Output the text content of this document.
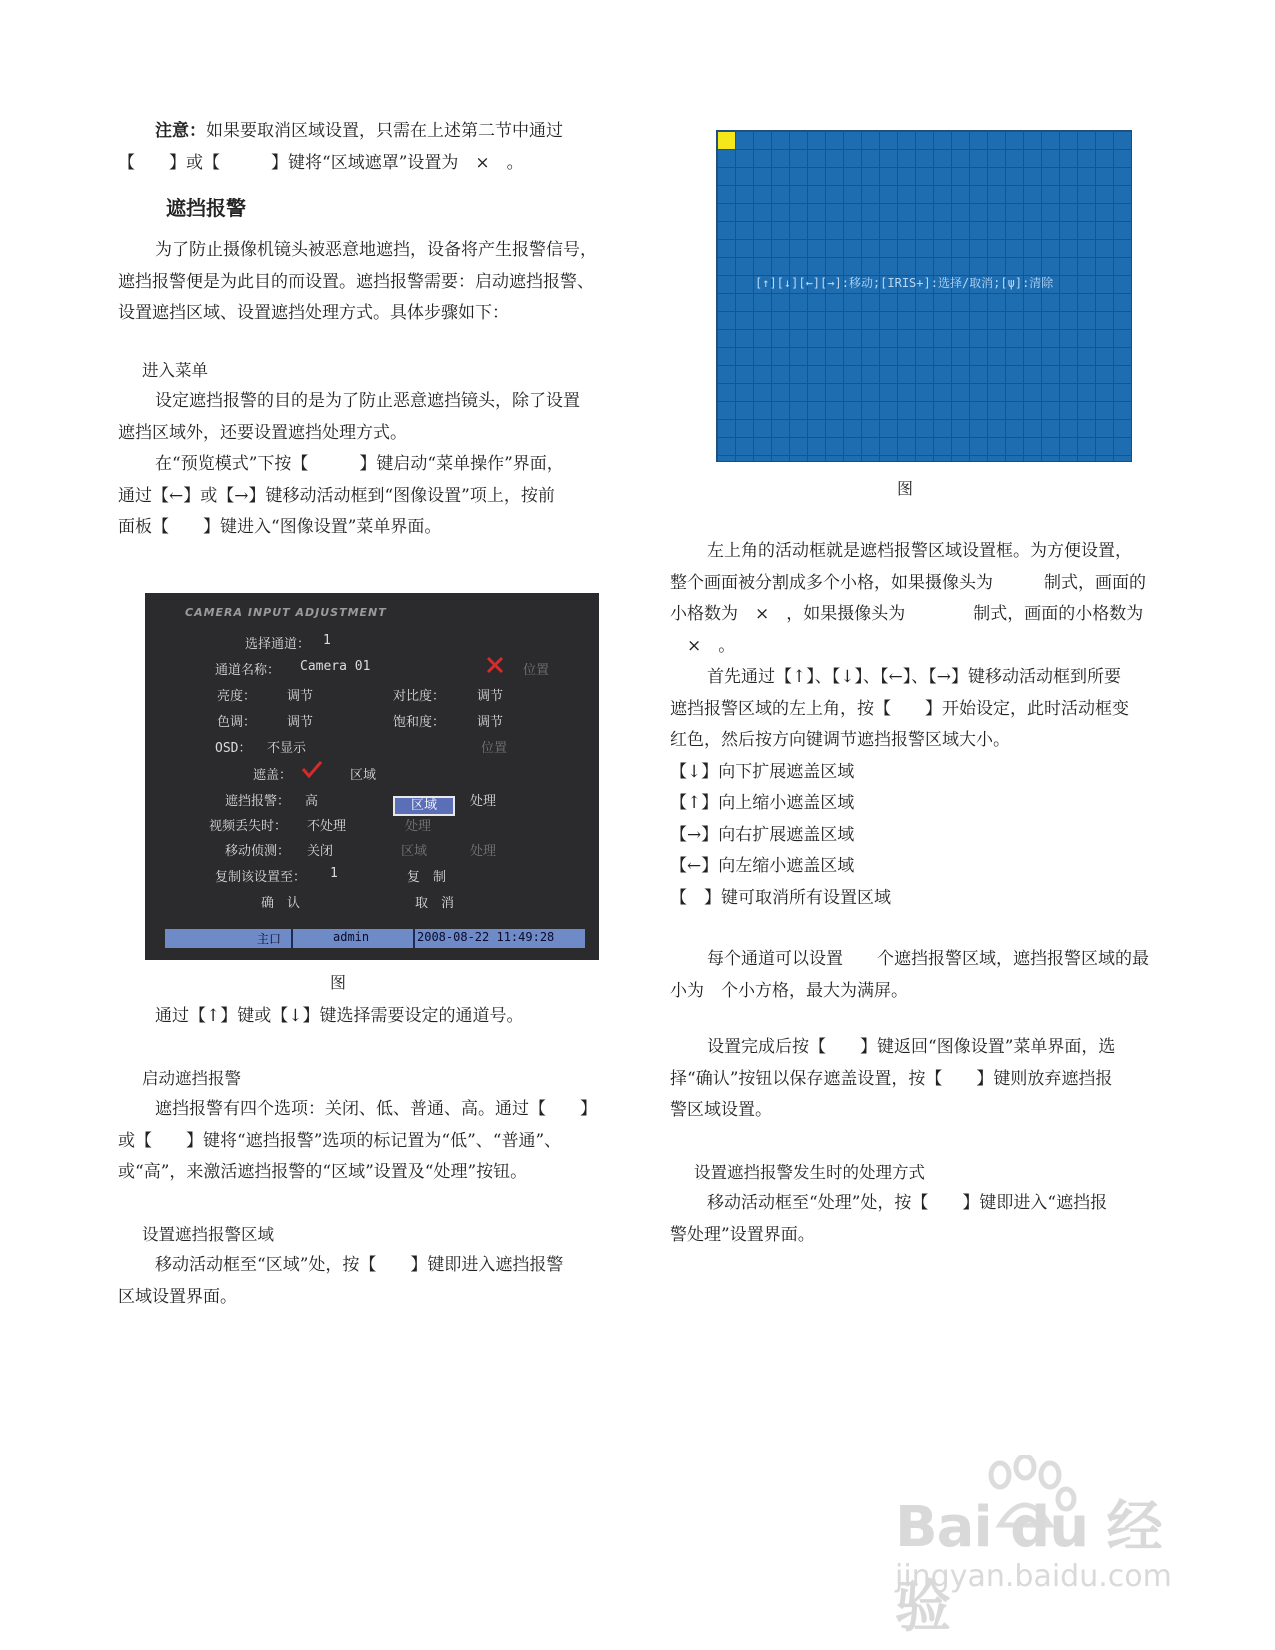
注意：如果要取消区域设置，只需在上述第二节中通过

【　　】或【　　　】键将“区域遮罩”设置为　×　。

遮挡报警

为了防止摄像机镜头被恶意地遮挡，设备将产生报警信号，

遮挡报警便是为此目的而设置。遮挡报警需要：启动遮挡报警、

设置遮挡区域、设置遮挡处理方式。具体步骤如下：

进入菜单

设定遮挡报警的目的是为了防止恶意遮挡镜头，除了设置

遮挡区域外，还要设置遮挡处理方式。

在“预览模式”下按【　　　】键启动“菜单操作”界面，

通过【←】或【→】键移动活动框到“图像设置”项上，按前

面板【　　】键进入“图像设置”菜单界面。

CAMERA INPUT ADJUSTMENT
选择通道： 1
通道名称： Camera 01	位置
亮度： 调节	对比度： 调节
色调： 调节	饱和度： 调节
OSD： 不显示	位置
遮盖：	区域
遮挡报警： 高	区域	处理
视频丢失时： 不处理	处理
移动侦测： 关闭	区域	处理
复制该设置至： 1	复　制
确　认	取　消
主口	admin	2008-08-22 11:49:28
图

通过【↑】键或【↓】键选择需要设定的通道号。

启动遮挡报警

遮挡报警有四个选项：关闭、低、普通、高。通过【　　】

或【　　】键将“遮挡报警”选项的标记置为“低”、“普通”、

或“高”，来激活遮挡报警的“区域”设置及“处理”按钮。

设置遮挡报警区域

移动活动框至“区域”处，按【　　】键即进入遮挡报警

区域设置界面。

[↑][↓][←][→]:移动;[IRIS+]:选择/取消;[ψ]:清除
图

左上角的活动框就是遮档报警区域设置框。为方便设置，

整个画面被分割成多个小格，如果摄像头为　　　制式，画面的

小格数为　×　，如果摄像头为　　　　制式，画面的小格数为

　×　。

首先通过【↑】、【↓】、【←】、【→】键移动活动框到所要

遮挡报警区域的左上角，按【　　】开始设定，此时活动框变

红色，然后按方向键调节遮挡报警区域大小。

【↓】向下扩展遮盖区域

【↑】向上缩小遮盖区域

【→】向右扩展遮盖区域

【←】向左缩小遮盖区域

【　】键可取消所有设置区域

每个通道可以设置　　个遮挡报警区域，遮挡报警区域的最

小为　个小方格，最大为满屏。

设置完成后按【　　】键返回“图像设置”菜单界面，选

择“确认”按钮以保存遮盖设置，按【　　】键则放弃遮挡报

警区域设置。

设置遮挡报警发生时的处理方式

移动活动框至“处理”处，按【　　】键即进入“遮挡报

警处理”设置界面。

Bai du 经验
jingyan.baidu.com
